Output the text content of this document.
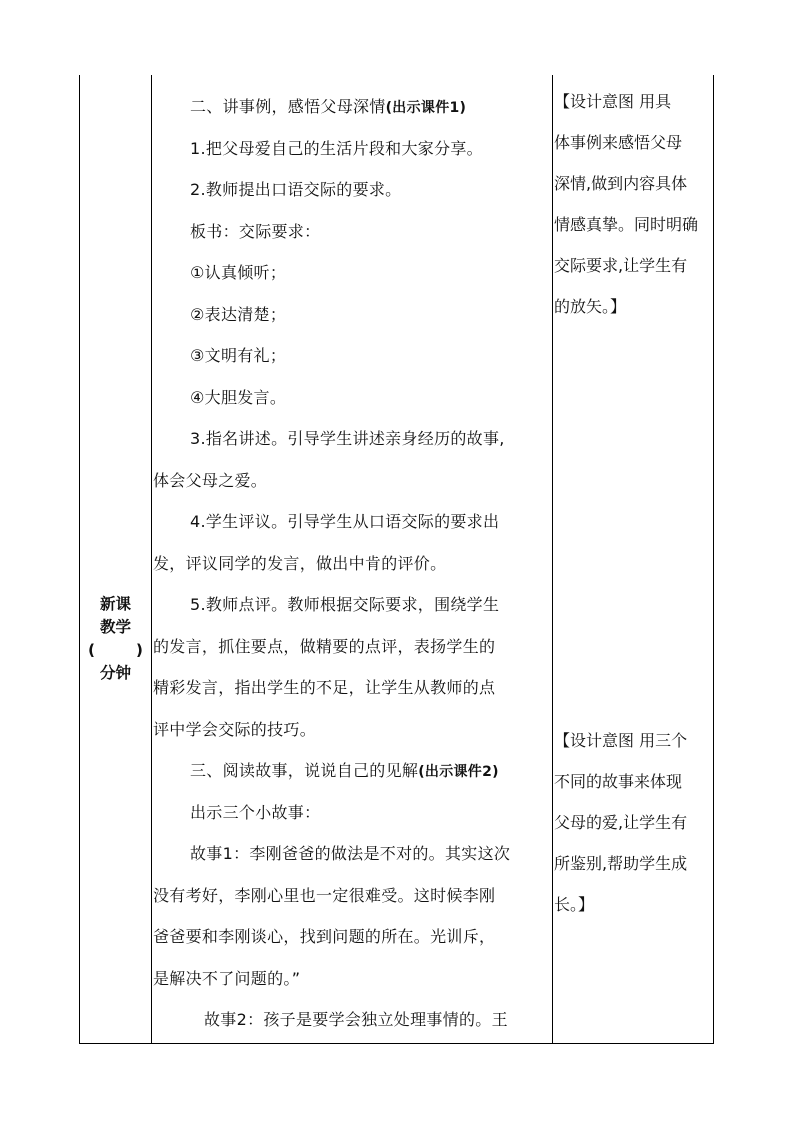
新课
教学
(	)
分钟
二、讲事例，感悟父母深情(出示课件1)
1.把父母爱自己的生活片段和大家分享。
2.教师提出口语交际的要求。
板书：交际要求：
①认真倾听；
②表达清楚；
③文明有礼；
④大胆发言。
3.指名讲述。引导学生讲述亲身经历的故事,
体会父母之爱。
4.学生评议。引导学生从口语交际的要求出
发，评议同学的发言，做出中肯的评价。
5.教师点评。教师根据交际要求，围绕学生
的发言，抓住要点，做精要的点评，表扬学生的
精彩发言，指出学生的不足，让学生从教师的点
评中学会交际的技巧。
三、阅读故事，说说自己的见解(出示课件2)
出示三个小故事：
故事1：李刚爸爸的做法是不对的。其实这次
没有考好，李刚心里也一定很难受。这时候李刚
爸爸要和李刚谈心，找到问题的所在。光训斥，
是解决不了问题的。”
故事2：孩子是要学会独立处理事情的。王
【设计意图 用具
体事例来感悟父母
深情,做到内容具体
情感真挚。同时明确
交际要求,让学生有
的放矢。】
【设计意图 用三个
不同的故事来体现
父母的爱,让学生有
所鉴别,帮助学生成
长。】
